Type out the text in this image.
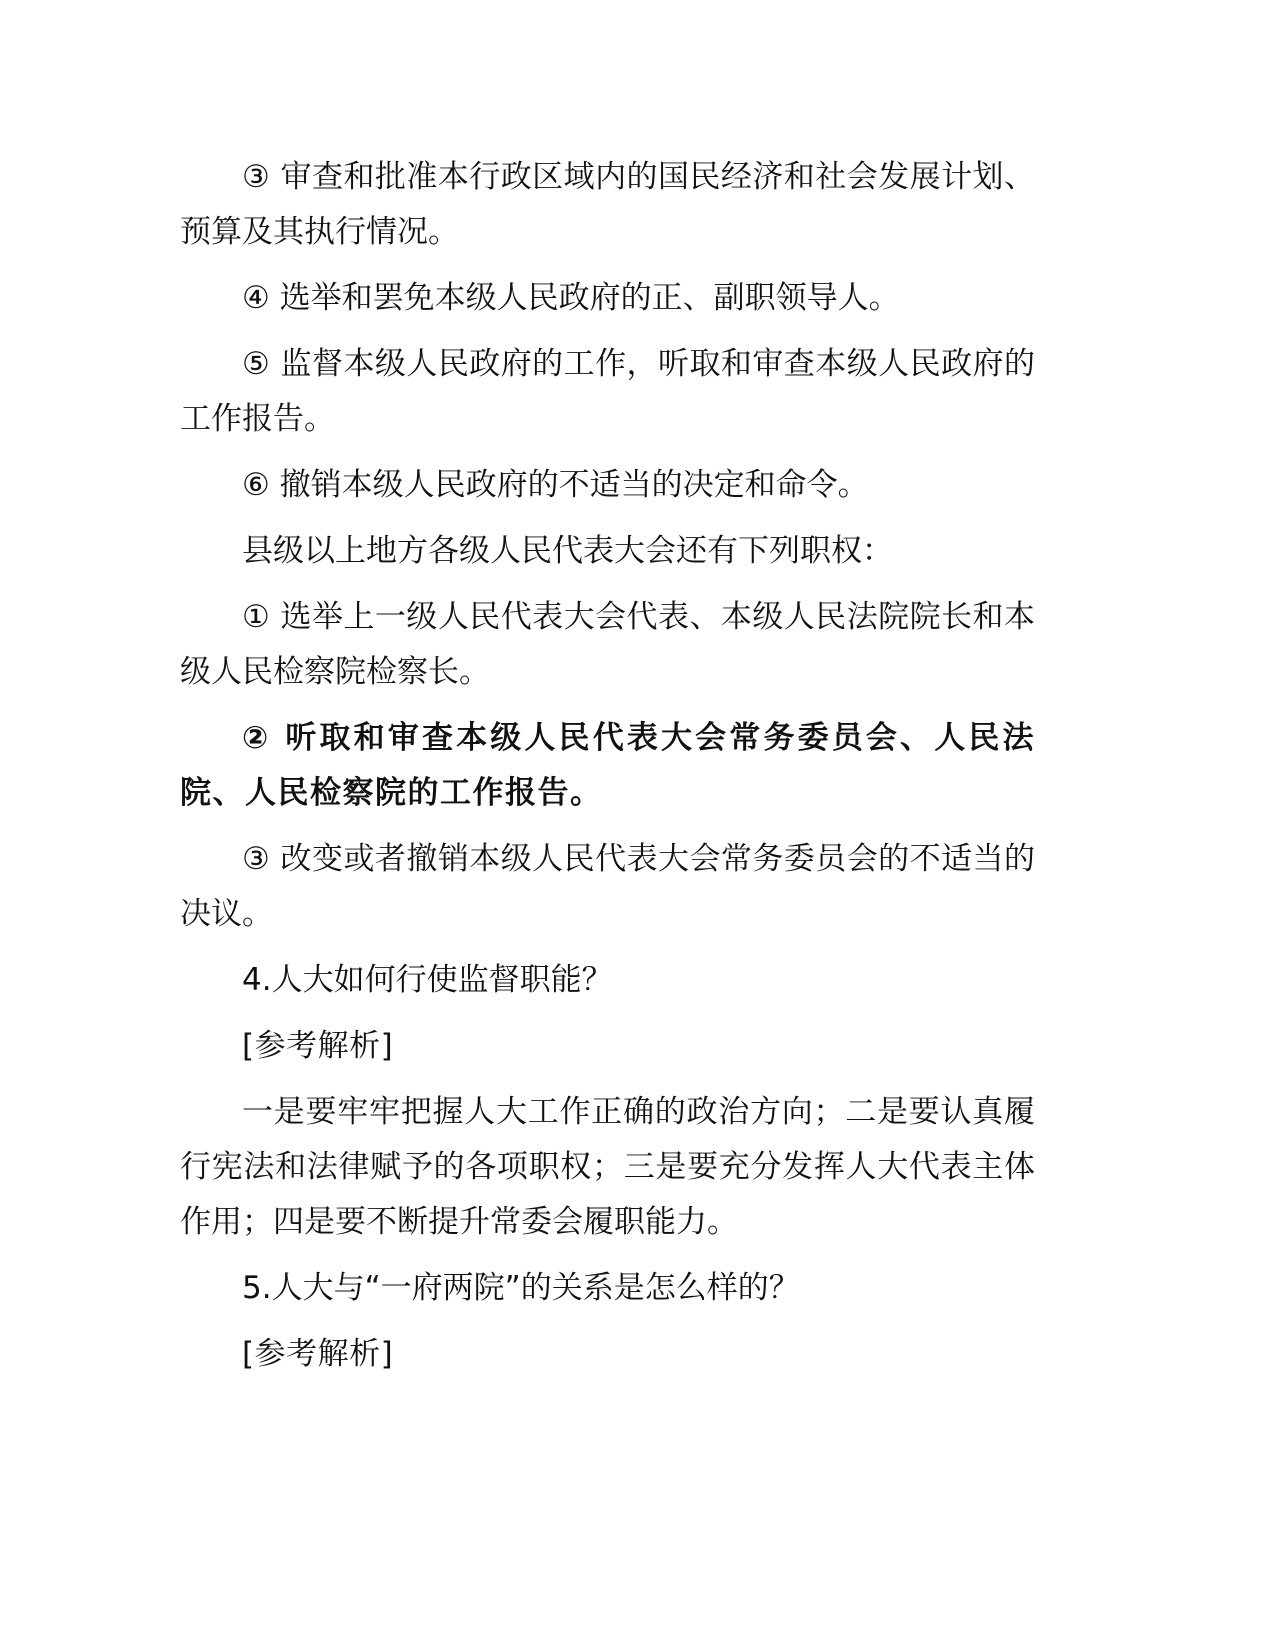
③ 审查和批准本行政区域内的国民经济和社会发展计划、预算及其执行情况。

④ 选举和罢免本级人民政府的正、副职领导人。

⑤ 监督本级人民政府的工作，听取和审查本级人民政府的工作报告。

⑥ 撤销本级人民政府的不适当的决定和命令。

县级以上地方各级人民代表大会还有下列职权：

① 选举上一级人民代表大会代表、本级人民法院院长和本级人民检察院检察长。

② 听取和审查本级人民代表大会常务委员会、人民法院、人民检察院的工作报告。

③ 改变或者撤销本级人民代表大会常务委员会的不适当的决议。

4.人大如何行使监督职能？

[参考解析]

一是要牢牢把握人大工作正确的政治方向；二是要认真履行宪法和法律赋予的各项职权；三是要充分发挥人大代表主体作用；四是要不断提升常委会履职能力。

5.人大与“一府两院”的关系是怎么样的？

[参考解析]
